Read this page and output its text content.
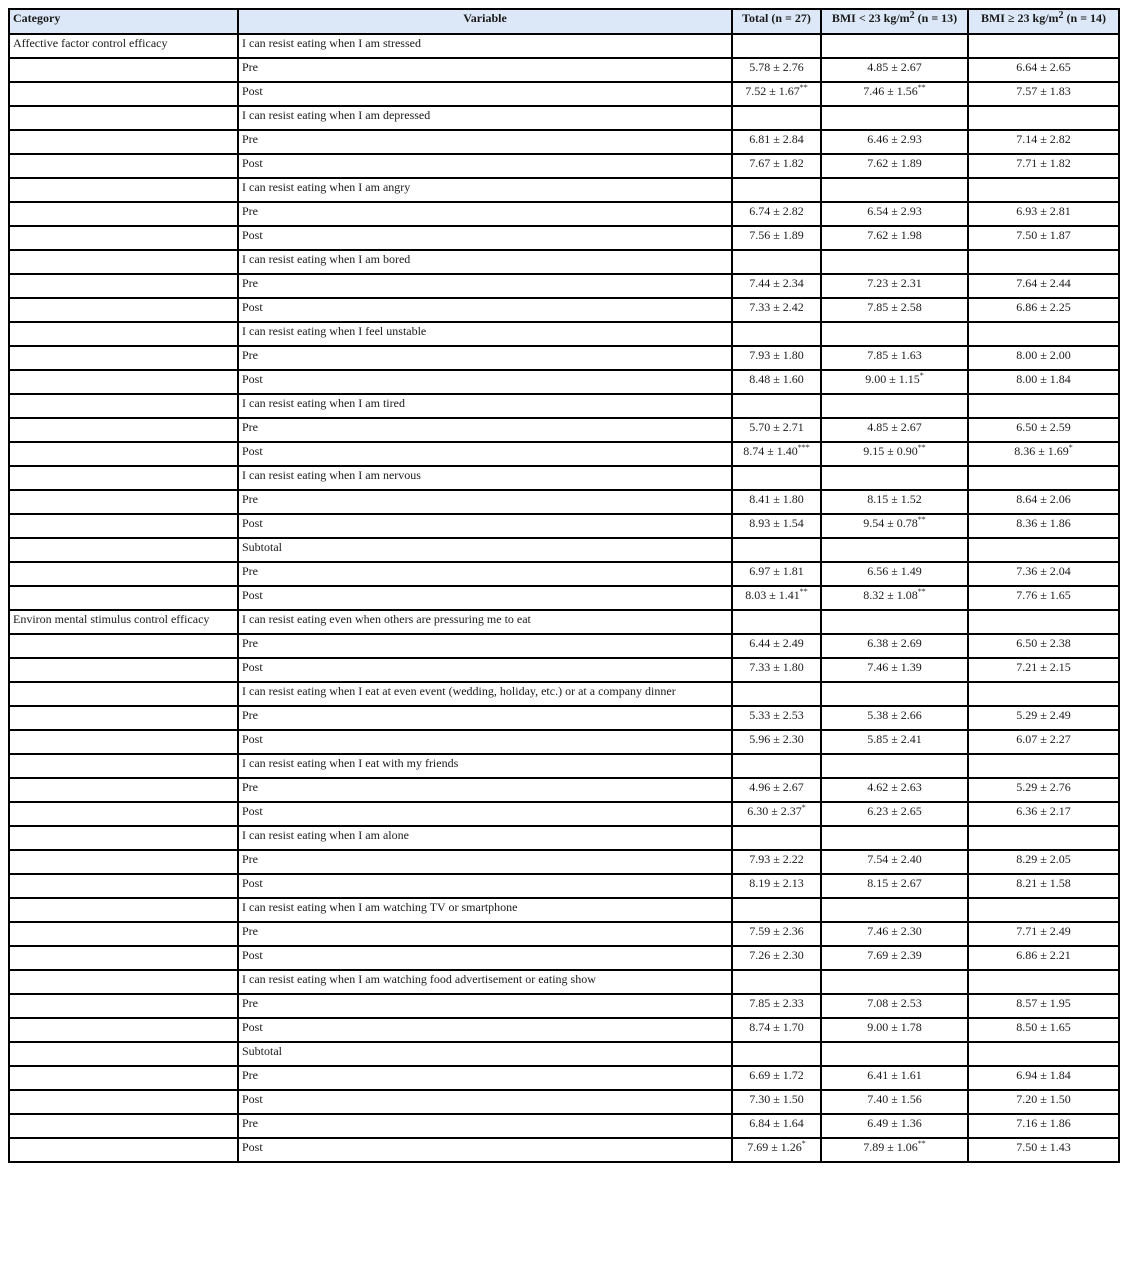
Category	Variable	Total (n = 27)	BMI < 23 $kg/m^2$ (n = 13)	BMI ≥ 23 $kg/m^2$ (n = 14)
Affective factor control efficacy	I can resist eating when I am stressed			
	Pre	5.78 ± 2.76	4.85 ± 2.67	6.64 ± 2.65
	Post	7.52 ± 1.67**	7.46 ± 1.56**	7.57 ± 1.83
	I can resist eating when I am depressed			
	Pre	6.81 ± 2.84	6.46 ± 2.93	7.14 ± 2.82
	Post	7.67 ± 1.82	7.62 ± 1.89	7.71 ± 1.82
	I can resist eating when I am angry			
	Pre	6.74 ± 2.82	6.54 ± 2.93	6.93 ± 2.81
	Post	7.56 ± 1.89	7.62 ± 1.98	7.50 ± 1.87
	I can resist eating when I am bored			
	Pre	7.44 ± 2.34	7.23 ± 2.31	7.64 ± 2.44
	Post	7.33 ± 2.42	7.85 ± 2.58	6.86 ± 2.25
	I can resist eating when I feel unstable			
	Pre	7.93 ± 1.80	7.85 ± 1.63	8.00 ± 2.00
	Post	8.48 ± 1.60	9.00 ± 1.15*	8.00 ± 1.84
	I can resist eating when I am tired			
	Pre	5.70 ± 2.71	4.85 ± 2.67	6.50 ± 2.59
	Post	8.74 ± 1.40***	9.15 ± 0.90**	8.36 ± 1.69*
	I can resist eating when I am nervous			
	Pre	8.41 ± 1.80	8.15 ± 1.52	8.64 ± 2.06
	Post	8.93 ± 1.54	9.54 ± 0.78**	8.36 ± 1.86
	Subtotal			
	Pre	6.97 ± 1.81	6.56 ± 1.49	7.36 ± 2.04
	Post	8.03 ± 1.41**	8.32 ± 1.08**	7.76 ± 1.65
Environ mental stimulus control efficacy	I can resist eating even when others are pressuring me to eat			
	Pre	6.44 ± 2.49	6.38 ± 2.69	6.50 ± 2.38
	Post	7.33 ± 1.80	7.46 ± 1.39	7.21 ± 2.15
	I can resist eating when I eat at even event (wedding, holiday, etc.) or at a company dinner			
	Pre	5.33 ± 2.53	5.38 ± 2.66	5.29 ± 2.49
	Post	5.96 ± 2.30	5.85 ± 2.41	6.07 ± 2.27
	I can resist eating when I eat with my friends			
	Pre	4.96 ± 2.67	4.62 ± 2.63	5.29 ± 2.76
	Post	6.30 ± 2.37*	6.23 ± 2.65	6.36 ± 2.17
	I can resist eating when I am alone			
	Pre	7.93 ± 2.22	7.54 ± 2.40	8.29 ± 2.05
	Post	8.19 ± 2.13	8.15 ± 2.67	8.21 ± 1.58
	I can resist eating when I am watching TV or smartphone			
	Pre	7.59 ± 2.36	7.46 ± 2.30	7.71 ± 2.49
	Post	7.26 ± 2.30	7.69 ± 2.39	6.86 ± 2.21
	I can resist eating when I am watching food advertisement or eating show			
	Pre	7.85 ± 2.33	7.08 ± 2.53	8.57 ± 1.95
	Post	8.74 ± 1.70	9.00 ± 1.78	8.50 ± 1.65
	Subtotal			
	Pre	6.69 ± 1.72	6.41 ± 1.61	6.94 ± 1.84
	Post	7.30 ± 1.50	7.40 ± 1.56	7.20 ± 1.50
	Pre	6.84 ± 1.64	6.49 ± 1.36	7.16 ± 1.86
	Post	7.69 ± 1.26*	7.89 ± 1.06**	7.50 ± 1.43
